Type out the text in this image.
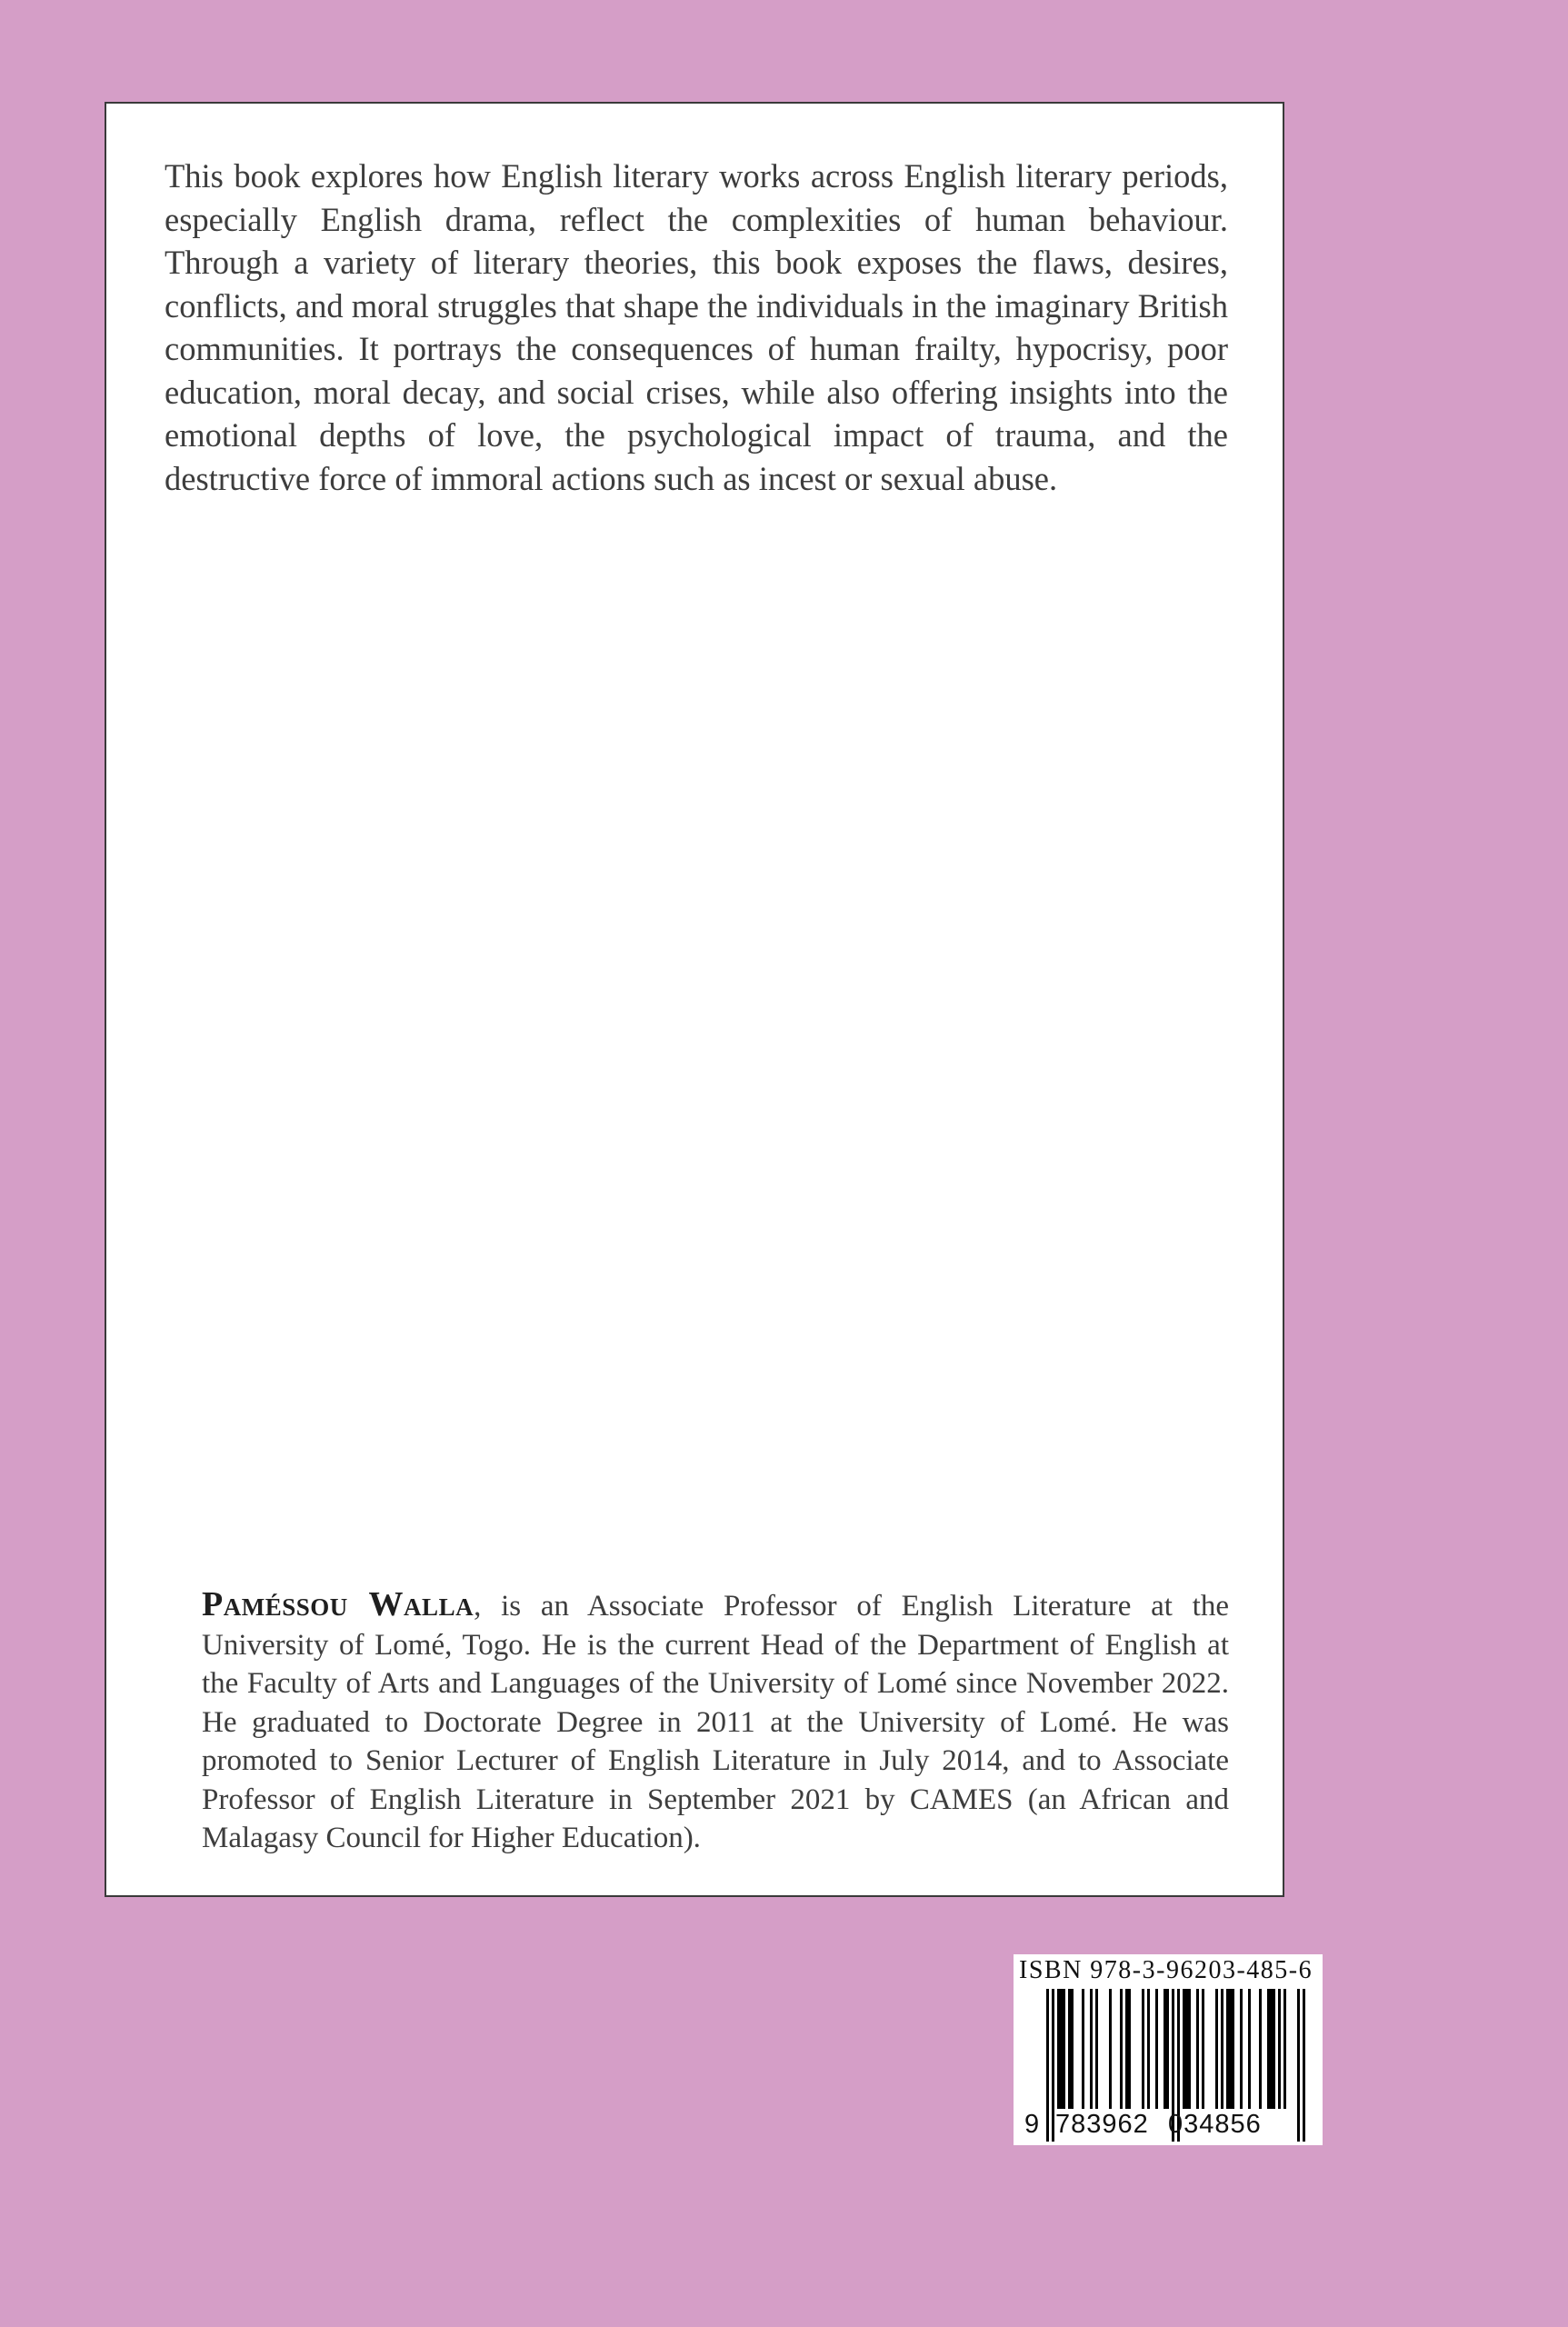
This book explores how English literary works across English literary periods, especially English drama, reflect the complexities of human behaviour. Through a variety of literary theories, this book exposes the flaws, desires, conflicts, and moral struggles that shape the individuals in the imaginary British communities. It portrays the consequences of human frailty, hypocrisy, poor education, moral decay, and social crises, while also offering insights into the emotional depths of love, the psychological impact of trauma, and the destructive force of immoral actions such as incest or sexual abuse.

Paméssou Walla, is an Associate Professor of English Literature at the University of Lomé, Togo. He is the current Head of the Department of English at the Faculty of Arts and Languages of the University of Lomé since November 2022. He graduated to Doctorate Degree in 2011 at the University of Lomé. He was promoted to Senior Lecturer of English Literature in July 2014, and to Associate Professor of English Literature in September 2021 by CAMES (an African and Malagasy Council for Higher Education).

ISBN 978-3-96203-485-6
9 783962 034856
